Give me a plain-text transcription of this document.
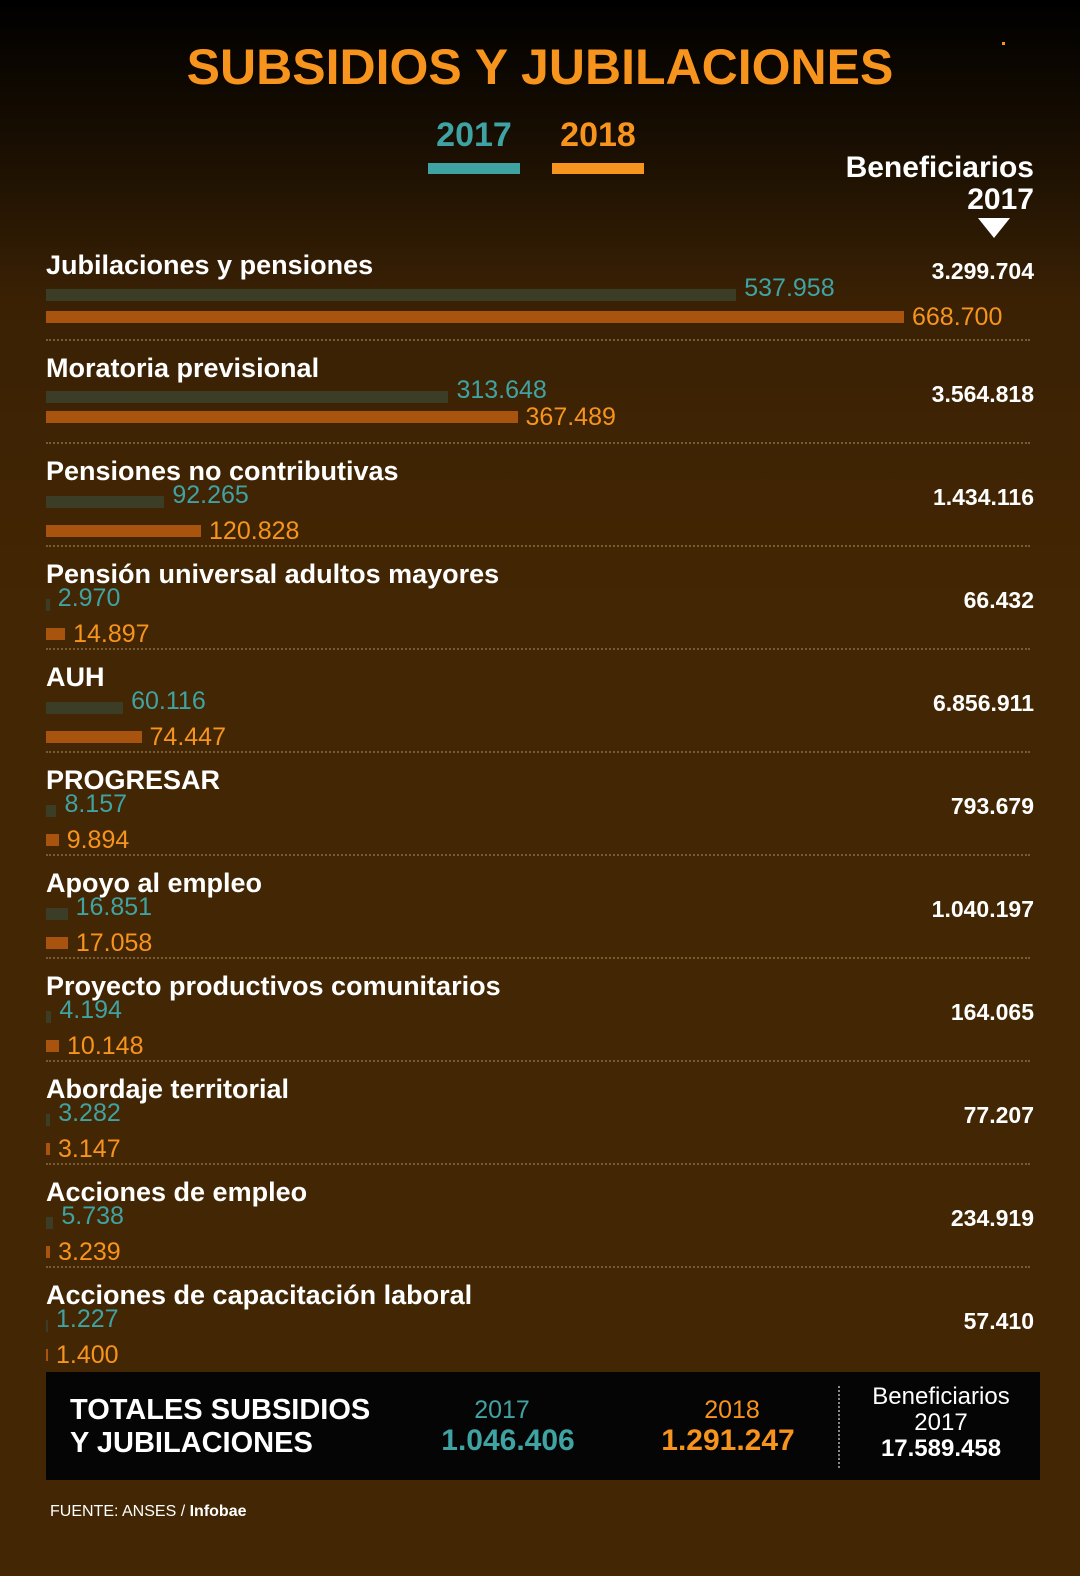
SUBSIDIOS Y JUBILACIONES
2017 2018
Beneficiarios
2017
Jubilaciones y pensiones
537.958
668.700
3.299.704
Moratoria previsional
313.648
367.489
3.564.818
Pensiones no contributivas
92.265
120.828
1.434.116
Pensión universal adultos mayores
2.970
14.897
66.432
AUH
60.116
74.447
6.856.911
PROGRESAR
8.157
9.894
793.679
Apoyo al empleo
16.851
17.058
1.040.197
Proyecto productivos comunitarios
4.194
10.148
164.065
Abordaje territorial
3.282
3.147
77.207
Acciones de empleo
5.738
3.239
234.919
Acciones de capacitación laboral
1.227
1.400
57.410
TOTALES SUBSIDIOS
Y JUBILACIONES
2017
1.046.406
2018
1.291.247
Beneficiarios
2017
17.589.458
FUENTE: ANSES / Infobae
